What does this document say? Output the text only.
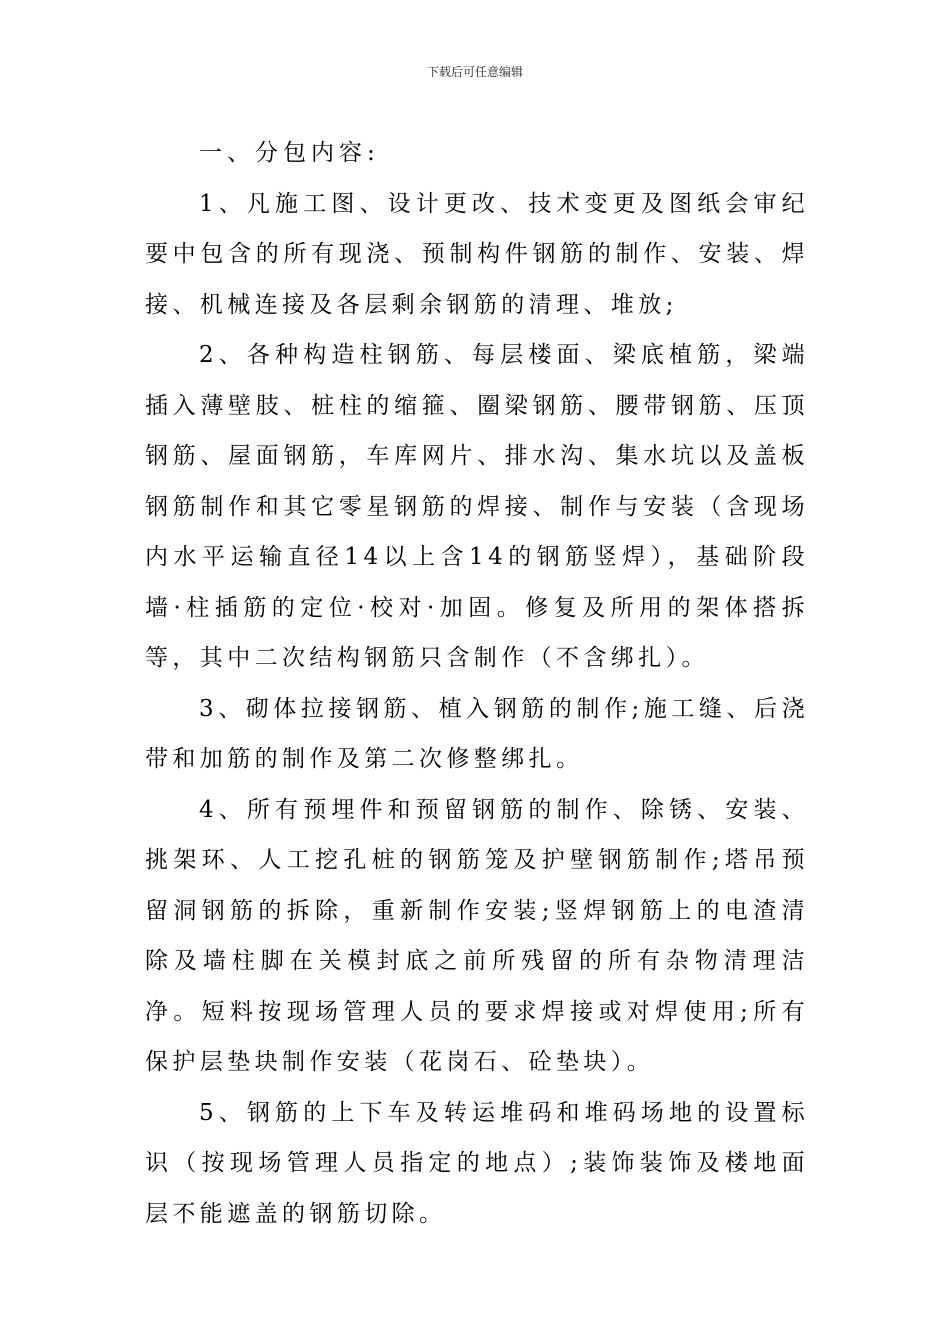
下载后可任意编辑

一、分包内容:

1、凡施工图、设计更改、技术变更及图纸会审纪要中包含的所有现浇、预制构件钢筋的制作、安装、焊接、机械连接及各层剩余钢筋的清理、堆放;

2、各种构造柱钢筋、每层楼面、梁底植筋，梁端插入薄壁肢、桩柱的缩箍、圈梁钢筋、腰带钢筋、压顶钢筋、屋面钢筋，车库网片、排水沟、集水坑以及盖板钢筋制作和其它零星钢筋的焊接、制作与安装（含现场内水平运输直径14以上含14的钢筋竖焊），基础阶段墙·柱插筋的定位·校对·加固。修复及所用的架体搭拆等，其中二次结构钢筋只含制作（不含绑扎）。

3、砌体拉接钢筋、植入钢筋的制作;施工缝、后浇带和加筋的制作及第二次修整绑扎。

4、所有预埋件和预留钢筋的制作、除锈、安装、挑架环、人工挖孔桩的钢筋笼及护壁钢筋制作;塔吊预留洞钢筋的拆除，重新制作安装;竖焊钢筋上的电渣清除及墙柱脚在关模封底之前所残留的所有杂物清理洁净。短料按现场管理人员的要求焊接或对焊使用;所有保护层垫块制作安装（花岗石、砼垫块）。

5、钢筋的上下车及转运堆码和堆码场地的设置标识（按现场管理人员指定的地点）;装饰装饰及楼地面层不能遮盖的钢筋切除。
